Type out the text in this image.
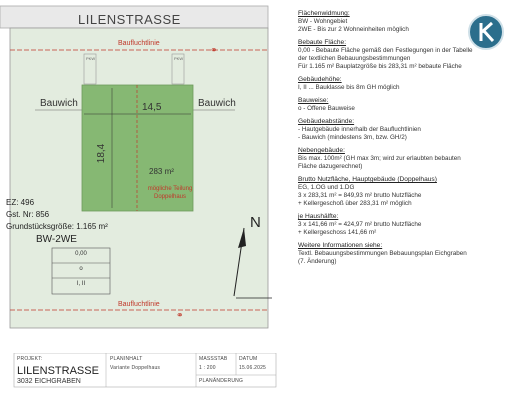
⚭
⚭
LILENSTRASSE
Baufluchtlinie
Baufluchtlinie
PKW	PKW
Bauwich	Bauwich
14,5
18,4
283 m²
mögliche Teilung Doppelhaus
EZ: 496
Gst. Nr: 856
Grundstücksgröße: 1.165 m²
BW-2WE
0,00
o
I, II
N
PROJEKT:
LILENSTRASSE
3032 EICHGRABEN
PLANINHALT
Variante Doppelhaus
MASSSTAB
1 : 200
DATUM
15.06.2025
PLANÄNDERUNG
Flächenwidmung:
BW - Wohngebiet
2WE - Bis zur 2 Wohneinheiten möglich
Bebaute Fläche:
0,00 - Bebaute Fläche gemäß den Festlegungen in der Tabelle
der textlichen Bebauungsbestimmungen
Für 1.165 m² Bauplatzgröße bis 283,31 m² bebaute Fläche
Gebäudehöhe:
I, II ... Bauklasse bis 8m GH möglich
Bauweise:
o - Offene Bauweise
Gebäudeabstände:
- Hautgebäude innerhalb der Baufluchtlinien
- Bauwich (mindestens 3m, bzw. GH/2)
Nebengebäude:
Bis max. 100m² (GH max 3m; wird zur erlaubten bebauten
Fläche dazugerechnet)
Brutto Nutzfläche, Hauptgebäude (Doppelhaus)
EG, 1.OG und 1.DG
3 x 283,31 m² = 849,93 m² brutto Nutzfläche
+ Kellergeschoß über 283,31 m² möglich
je Haushälfte:
3 x 141,66 m² = 424,97 m² brutto Nutzfläche
+ Kellergeschoss 141,66 m²
Weitere Informationen siehe:
Textl. Bebauungsbestimmungen Bebauungsplan Eichgraben
(7. Änderung)
